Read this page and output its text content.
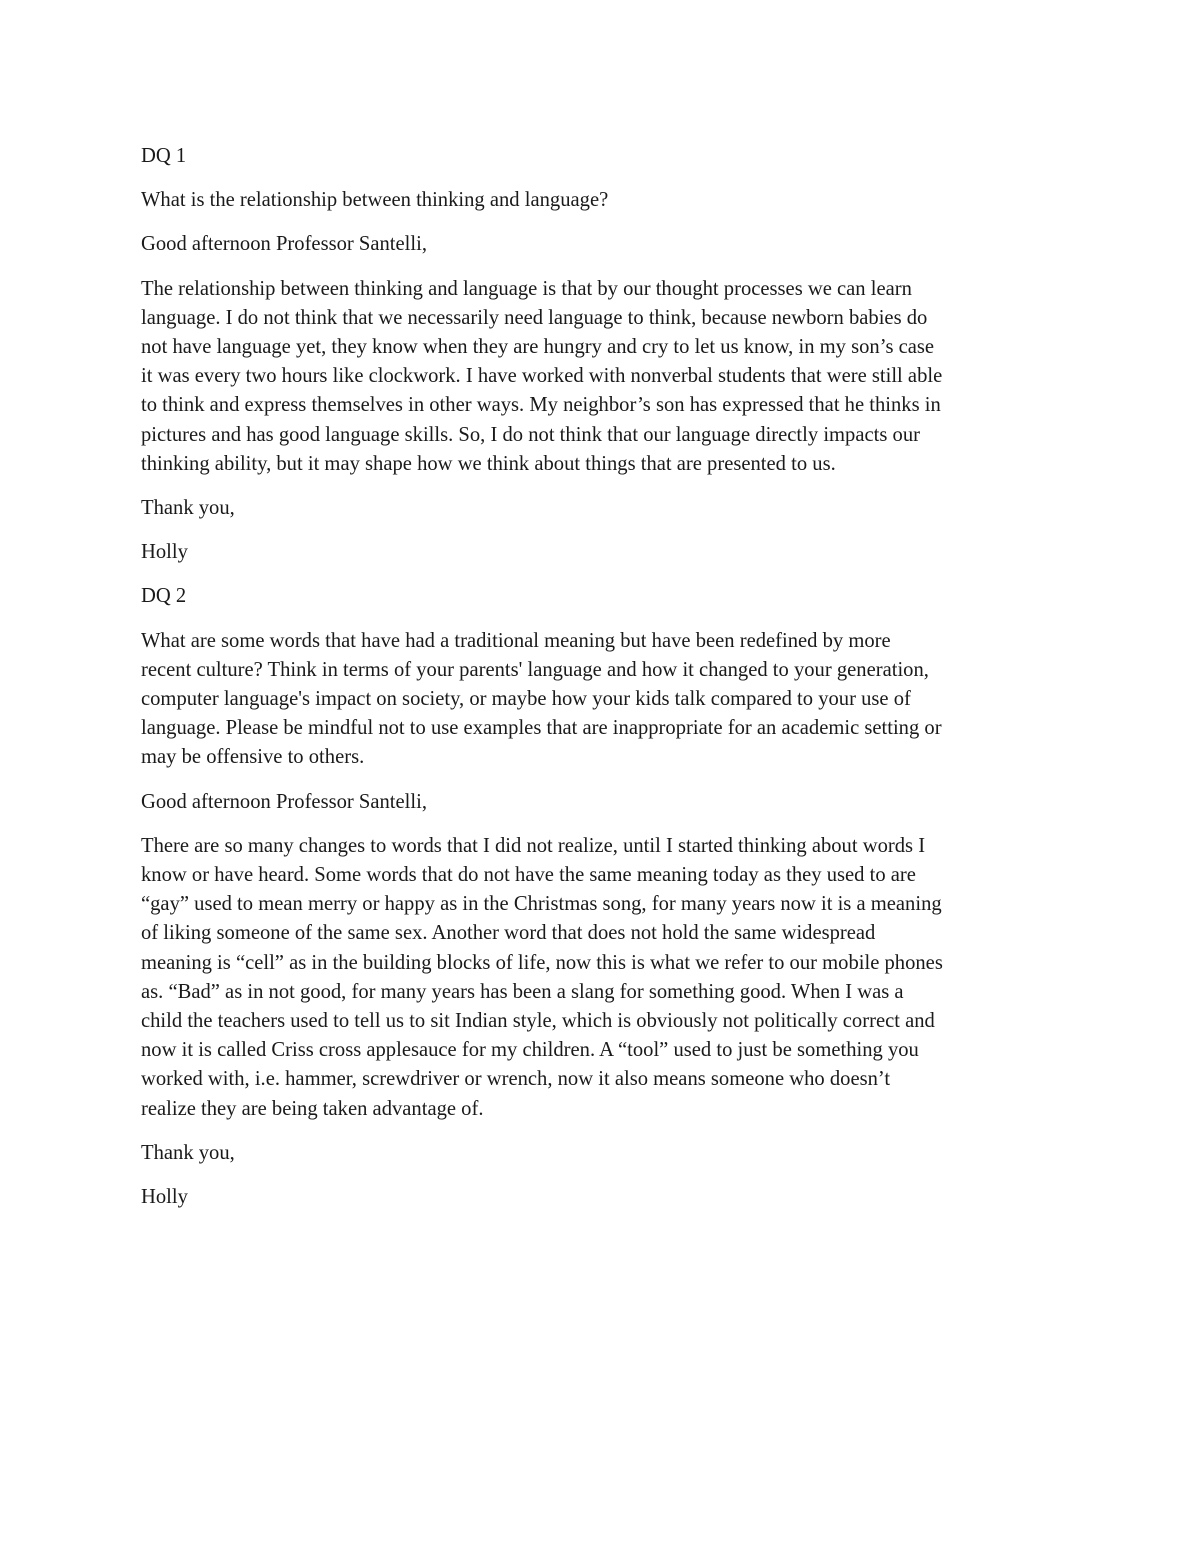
DQ 1

What is the relationship between thinking and language?

Good afternoon Professor Santelli,

The relationship between thinking and language is that by our thought processes we can learn
language. I do not think that we necessarily need language to think, because newborn babies do
not have language yet, they know when they are hungry and cry to let us know, in my son’s case
it was every two hours like clockwork. I have worked with nonverbal students that were still able
to think and express themselves in other ways. My neighbor’s son has expressed that he thinks in
pictures and has good language skills. So, I do not think that our language directly impacts our
thinking ability, but it may shape how we think about things that are presented to us.

Thank you,

Holly

DQ 2

What are some words that have had a traditional meaning but have been redefined by more
recent culture? Think in terms of your parents' language and how it changed to your generation,
computer language's impact on society, or maybe how your kids talk compared to your use of
language. Please be mindful not to use examples that are inappropriate for an academic setting or
may be offensive to others.

Good afternoon Professor Santelli,

There are so many changes to words that I did not realize, until I started thinking about words I
know or have heard. Some words that do not have the same meaning today as they used to are
“gay” used to mean merry or happy as in the Christmas song, for many years now it is a meaning
of liking someone of the same sex. Another word that does not hold the same widespread
meaning is “cell” as in the building blocks of life, now this is what we refer to our mobile phones
as. “Bad” as in not good, for many years has been a slang for something good. When I was a
child the teachers used to tell us to sit Indian style, which is obviously not politically correct and
now it is called Criss cross applesauce for my children. A “tool” used to just be something you
worked with, i.e. hammer, screwdriver or wrench, now it also means someone who doesn’t
realize they are being taken advantage of.

Thank you,

Holly
